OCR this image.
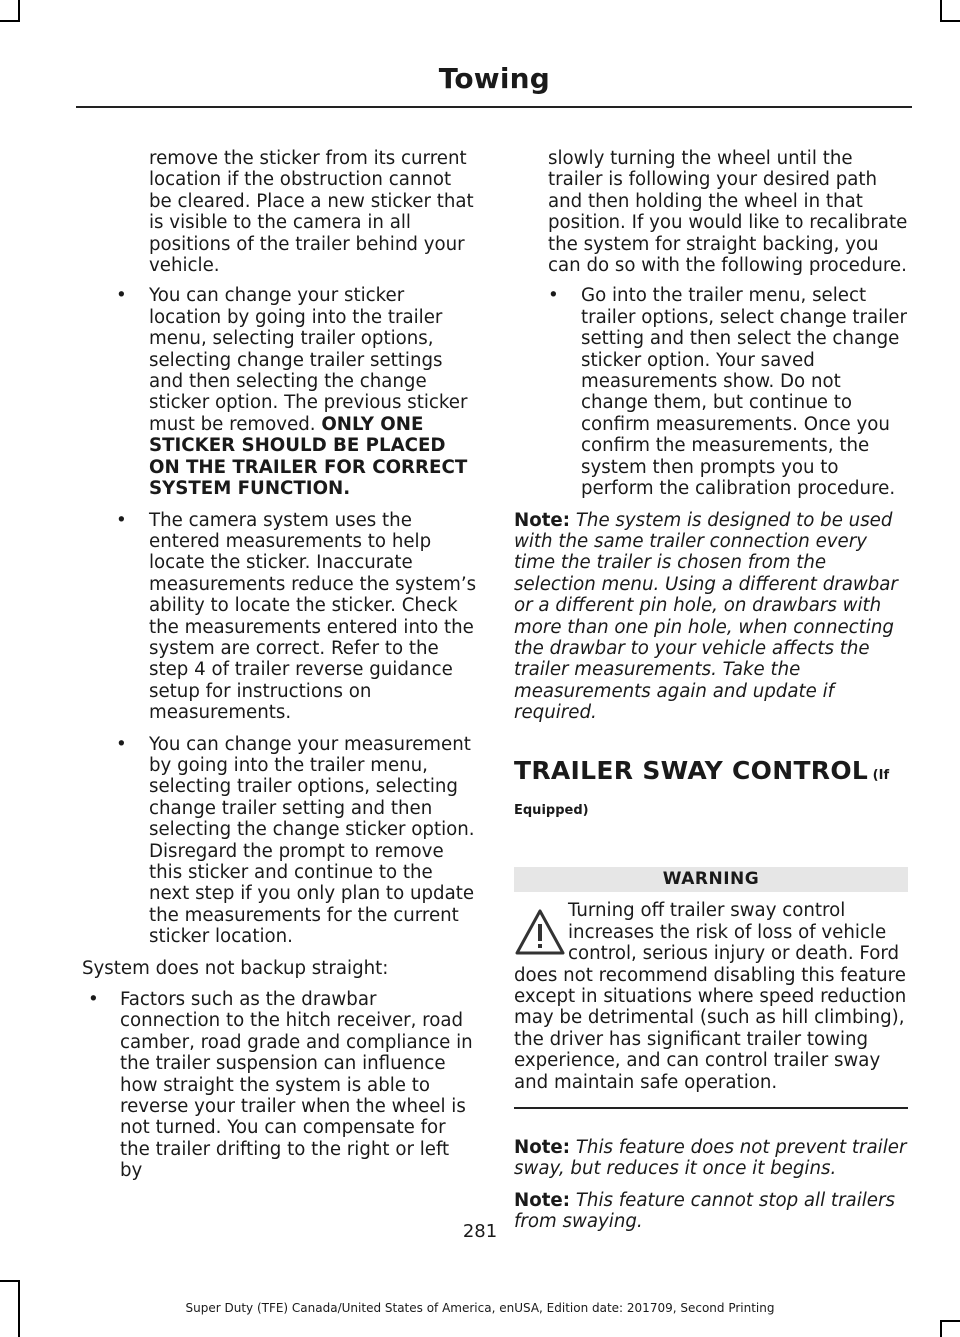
Towing

remove the sticker from its current location if the obstruction cannot be cleared. Place a new sticker that is visible to the camera in all positions of the trailer behind your vehicle.

• You can change your sticker location by going into the trailer menu, selecting trailer options, selecting change trailer settings and then selecting the change sticker option. The previous sticker must be removed. ONLY ONE STICKER SHOULD BE PLACED ON THE TRAILER FOR CORRECT SYSTEM FUNCTION.
• The camera system uses the entered measurements to help locate the sticker. Inaccurate measurements reduce the system’s ability to locate the sticker. Check the measurements entered into the system are correct. Refer to the step 4 of trailer reverse guidance setup for instructions on measurements.
• You can change your measurement by going into the trailer menu, selecting trailer options, selecting change trailer setting and then selecting the change sticker option. Disregard the prompt to remove this sticker and continue to the next step if you only plan to update the measurements for the current sticker location.

System does not backup straight:

• Factors such as the drawbar connection to the hitch receiver, road camber, road grade and compliance in the trailer suspension can influence how straight the system is able to reverse your trailer when the wheel is not turned. You can compensate for the trailer drifting to the right or left by

slowly turning the wheel until the trailer is following your desired path and then holding the wheel in that position. If you would like to recalibrate the system for straight backing, you can do so with the following procedure.

• Go into the trailer menu, select trailer options, select change trailer setting and then select the change sticker option. Your saved measurements show. Do not change them, but continue to confirm measurements. Once you confirm the measurements, the system then prompts you to perform the calibration procedure.

Note: The system is designed to be used with the same trailer connection every time the trailer is chosen from the selection menu. Using a different drawbar or a different pin hole, on drawbars with more than one pin hole, when connecting the drawbar to your vehicle affects the trailer measurements. Take the measurements again and update if required.

TRAILER SWAY CONTROL (If
Equipped)
WARNING
Turning off trailer sway control increases the risk of loss of vehicle control, serious injury or death. Ford does not recommend disabling this feature except in situations where speed reduction may be detrimental (such as hill climbing), the driver has significant trailer towing experience, and can control trailer sway and maintain safe operation.

Note: This feature does not prevent trailer sway, but reduces it once it begins.

Note: This feature cannot stop all trailers from swaying.

281
Super Duty (TFE) Canada/United States of America, enUSA, Edition date: 201709, Second Printing
